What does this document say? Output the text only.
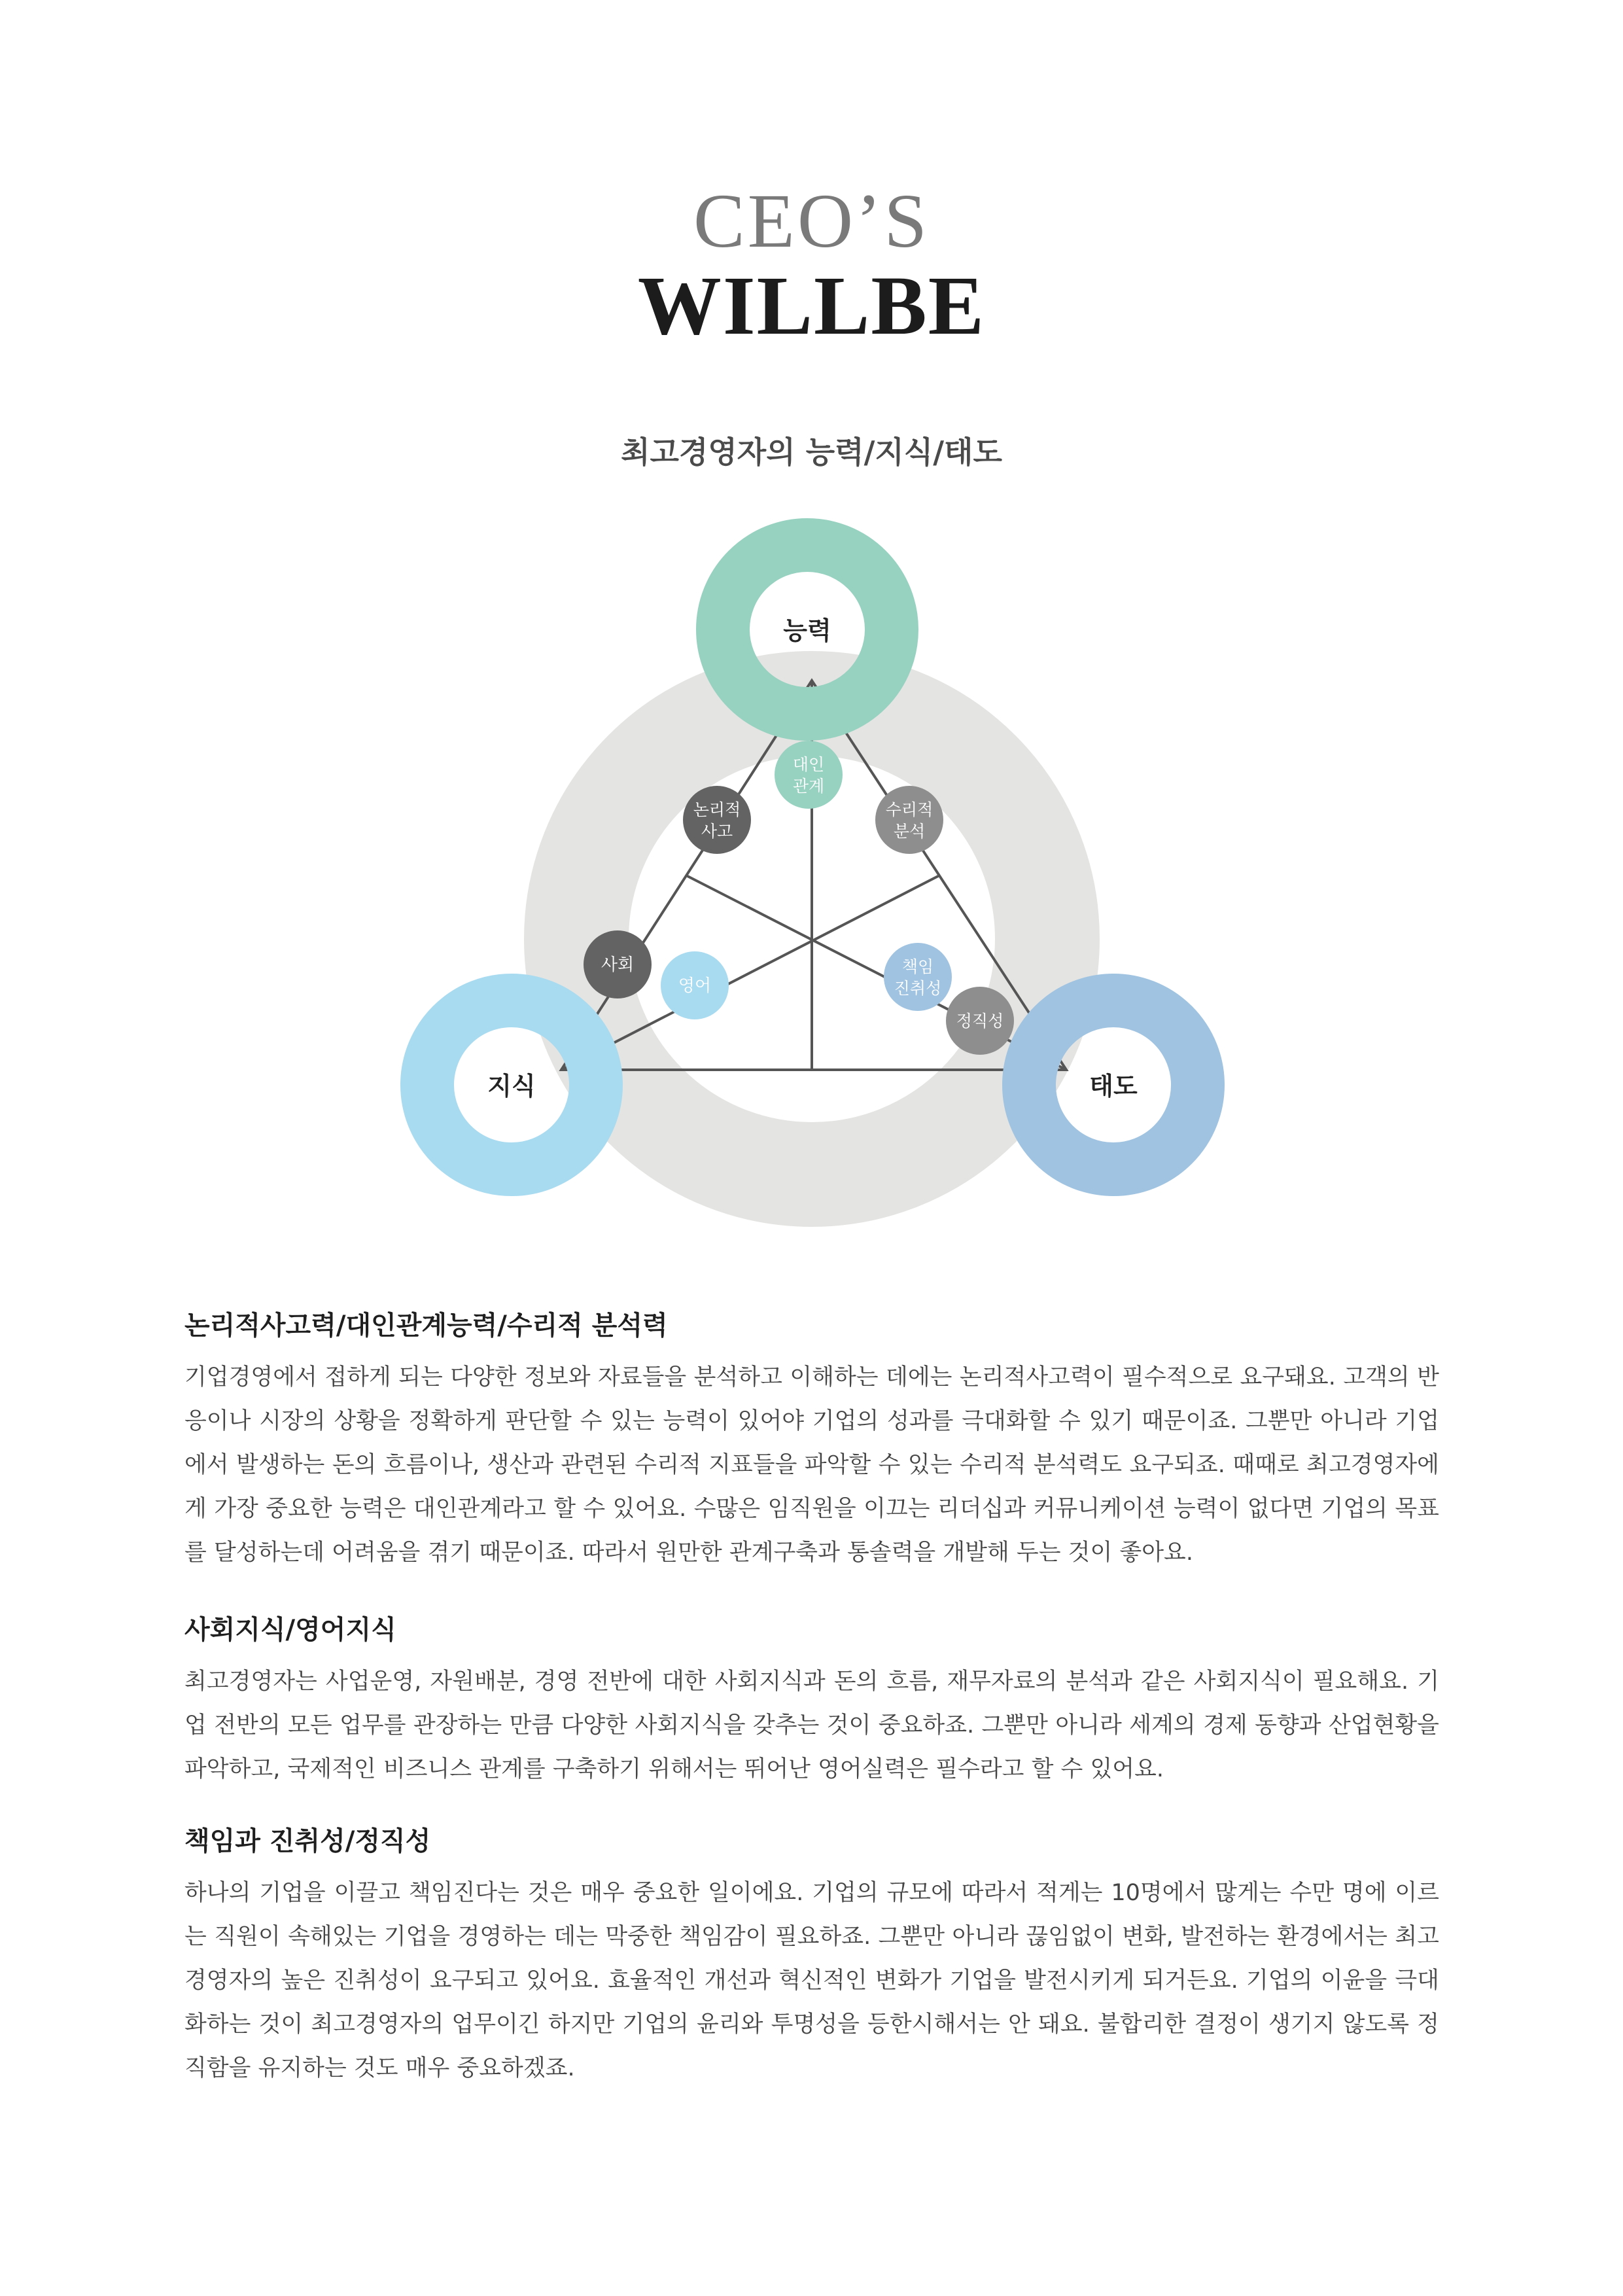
CEO’S
WILLBE
최고경영자의 능력/지식/태도
능력
지식	태도
대인
관계
논리적
사고
수리적
분석
사회
영어
책임
진취성
정직성
논리적사고력/대인관계능력/수리적 분석력

기업경영에서 접하게 되는 다양한 정보와 자료들을 분석하고 이해하는 데에는 논리적사고력이 필수적으로 요구돼요. 고객의 반응이나 시장의 상황을 정확하게 판단할 수 있는 능력이 있어야 기업의 성과를 극대화할 수 있기 때문이죠. 그뿐만 아니라 기업에서 발생하는 돈의 흐름이나, 생산과 관련된 수리적 지표들을 파악할 수 있는 수리적 분석력도 요구되죠. 때때로 최고경영자에게 가장 중요한 능력은 대인관계라고 할 수 있어요. 수많은 임직원을 이끄는 리더십과 커뮤니케이션 능력이 없다면 기업의 목표를 달성하는데 어려움을 겪기 때문이죠. 따라서 원만한 관계구축과 통솔력을 개발해 두는 것이 좋아요.

사회지식/영어지식

최고경영자는 사업운영, 자원배분, 경영 전반에 대한 사회지식과 돈의 흐름, 재무자료의 분석과 같은 사회지식이 필요해요. 기업 전반의 모든 업무를 관장하는 만큼 다양한 사회지식을 갖추는 것이 중요하죠. 그뿐만 아니라 세계의 경제 동향과 산업현황을 파악하고, 국제적인 비즈니스 관계를 구축하기 위해서는 뛰어난 영어실력은 필수라고 할 수 있어요.

책임과 진취성/정직성

하나의 기업을 이끌고 책임진다는 것은 매우 중요한 일이에요. 기업의 규모에 따라서 적게는 10명에서 많게는 수만 명에 이르는 직원이 속해있는 기업을 경영하는 데는 막중한 책임감이 필요하죠. 그뿐만 아니라 끊임없이 변화, 발전하는 환경에서는 최고경영자의 높은 진취성이 요구되고 있어요. 효율적인 개선과 혁신적인 변화가 기업을 발전시키게 되거든요. 기업의 이윤을 극대화하는 것이 최고경영자의 업무이긴 하지만 기업의 윤리와 투명성을 등한시해서는 안 돼요. 불합리한 결정이 생기지 않도록 정직함을 유지하는 것도 매우 중요하겠죠.
